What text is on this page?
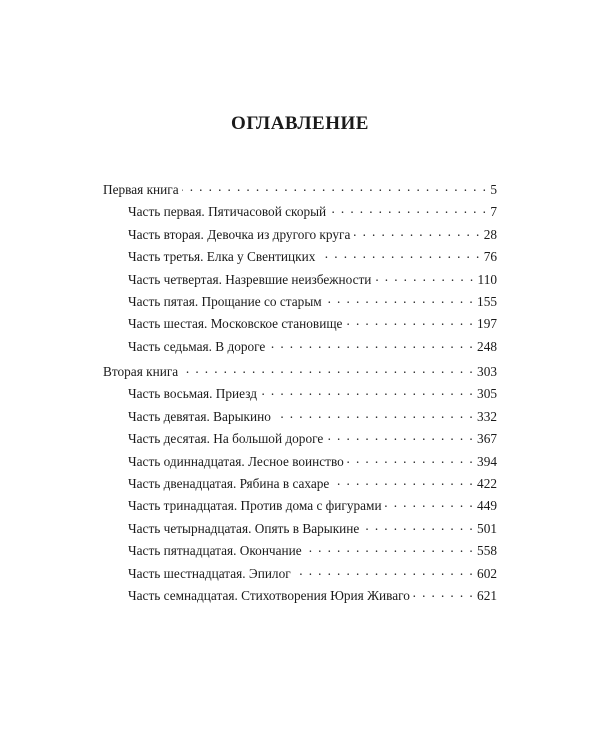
ОГЛАВЛЕНИЕ
Первая книга . . .	5
Часть первая. Пятичасовой скорый . . .	7
Часть вторая. Девочка из другого круга . . .	28
Часть третья. Елка у Свентицких . . .	76
Часть четвертая. Назревшие неизбежности . . .	110
Часть пятая. Прощание со старым . . .	155
Часть шестая. Московское становище . . .	197
Часть седьмая. В дороге . . .	248
Вторая книга . . .	303
Часть восьмая. Приезд . . .	305
Часть девятая. Варыкино . . .	332
Часть десятая. На большой дороге . . .	367
Часть одиннадцатая. Лесное воинство . . .	394
Часть двенадцатая. Рябина в сахаре . . .	422
Часть тринадцатая. Против дома с фигурами . . .	449
Часть четырнадцатая. Опять в Варыкине . . .	501
Часть пятнадцатая. Окончание . . .	558
Часть шестнадцатая. Эпилог . . .	602
Часть семнадцатая. Стихотворения Юрия Живаго . . .	621
